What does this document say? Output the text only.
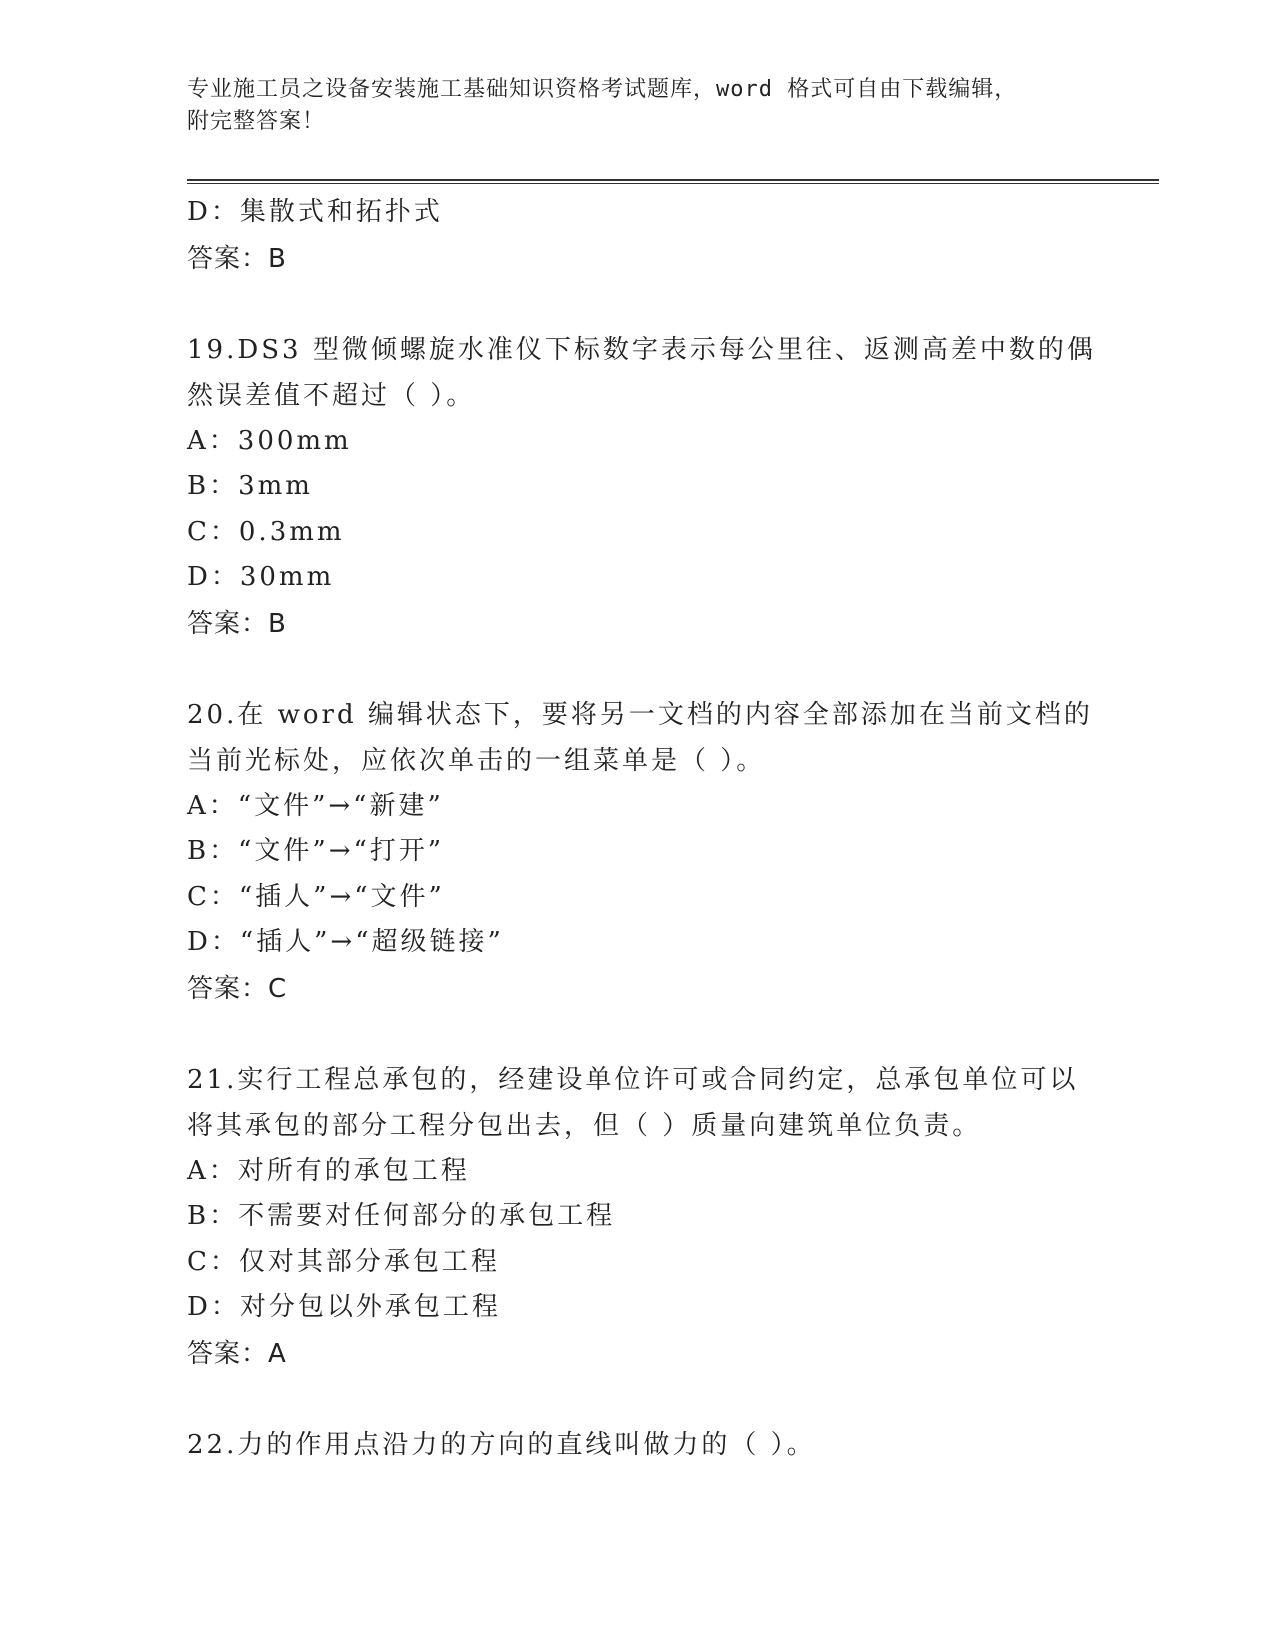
专业施工员之设备安装施工基础知识资格考试题库，word 格式可自由下载编辑，
附完整答案！
D：集散式和拓扑式
答案：B
19.DS3 型微倾螺旋水准仪下标数字表示每公里往、返测高差中数的偶
然误差值不超过（ ）。
A：300mm
B：3mm
C：0.3mm
D：30mm
答案：B
20.在 word 编辑状态下，要将另一文档的内容全部添加在当前文档的
当前光标处，应依次单击的一组菜单是（ ）。
A：“文件”→“新建”
B：“文件”→“打开”
C：“插人”→“文件”
D：“插人”→“超级链接”
答案：C
21.实行工程总承包的，经建设单位许可或合同约定，总承包单位可以
将其承包的部分工程分包出去，但（ ）质量向建筑单位负责。
A：对所有的承包工程
B：不需要对任何部分的承包工程
C：仅对其部分承包工程
D：对分包以外承包工程
答案：A
22.力的作用点沿力的方向的直线叫做力的（ ）。
